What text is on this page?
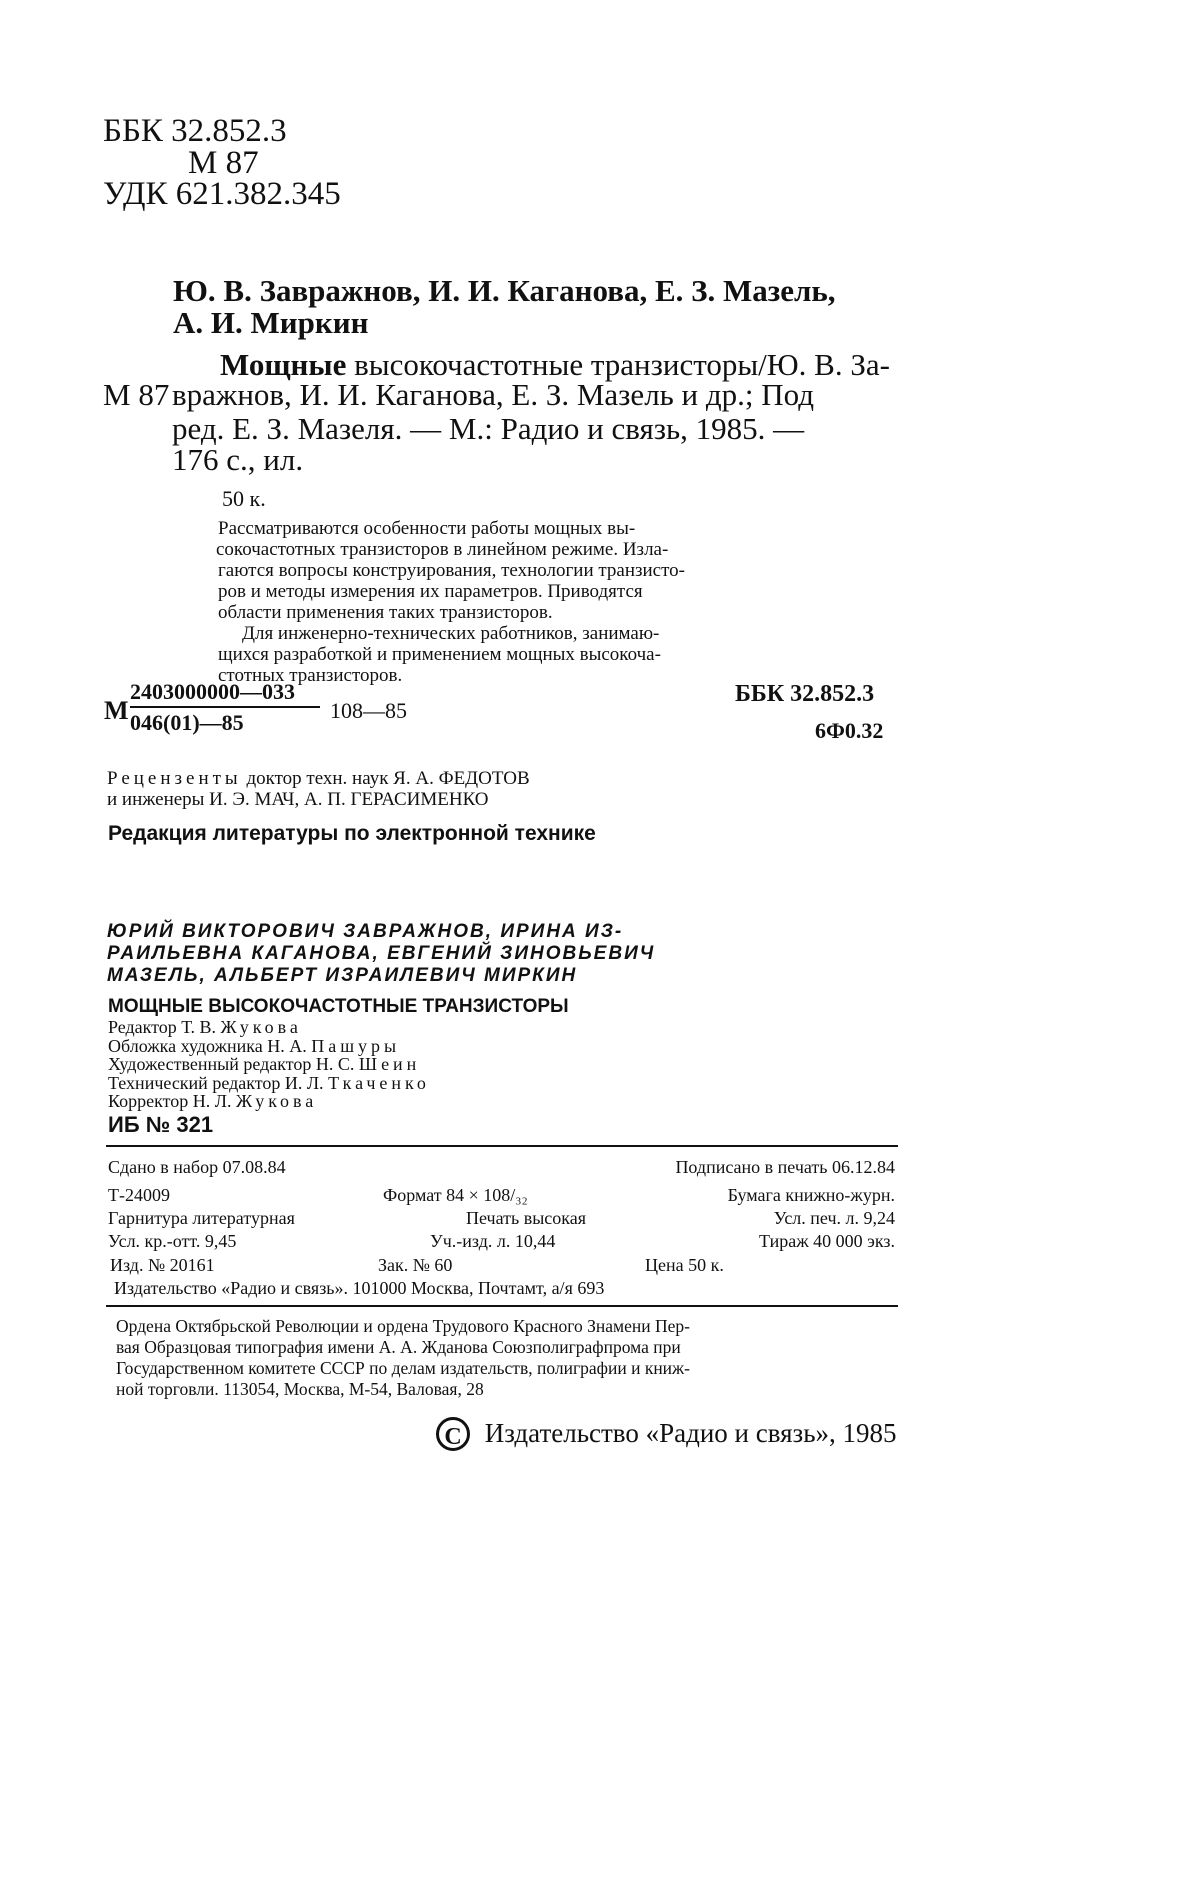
ББК 32.852.3
М 87
УДК 621.382.345
Ю. В. Завражнов, И. И. Каганова, Е. З. Мазель,
А. И. Миркин
Мощные высокочастотные транзисторы/Ю. В. За-
М 87 вражнов, И. И. Каганова, Е. З. Мазель и др.; Под
ред. Е. З. Мазеля. — М.: Радио и связь, 1985. —
176 с., ил.
50 к.
Рассматриваются особенности работы мощных вы-
сокочастотных транзисторов в линейном режиме. Изла-
гаются вопросы конструирования, технологии транзисто-
ров и методы измерения их параметров. Приводятся
области применения таких транзисторов.
Для инженерно-технических работников, занимаю-
щихся разработкой и применением мощных высокоча-
стотных транзисторов.
М
2403000000—033
046(01)—85	108—85
ББК 32.852.3
6Ф0.32
Рецензенты доктор техн. наук Я. А. ФЕДОТОВ
и инженеры И. Э. МАЧ, А. П. ГЕРАСИМЕНКО
Редакция литературы по электронной технике
ЮРИЙ ВИКТОРОВИЧ ЗАВРАЖНОВ, ИРИНА ИЗ-
РАИЛЬЕВНА КАГАНОВА, ЕВГЕНИЙ ЗИНОВЬЕВИЧ
МАЗЕЛЬ, АЛЬБЕРТ ИЗРАИЛЕВИЧ МИРКИН
МОЩНЫЕ ВЫСОКОЧАСТОТНЫЕ ТРАНЗИСТОРЫ
Редактор Т. В. Жукова
Обложка художника Н. А. Пашуры
Художественный редактор Н. С. Шеин
Технический редактор И. Л. Ткаченко
Корректор Н. Л. Жукова
ИБ № 321
Сдано в набор 07.08.84	Подписано в печать 06.12.84
Т-24009	Формат 84 × 108/₃₂	Бумага книжно-журн.
Гарнитура литературная	Печать высокая	Усл. печ. л. 9,24
Усл. кр.-отт. 9,45	Уч.-изд. л. 10,44	Тираж 40 000 экз.
Изд. № 20161	Зак. № 60	Цена 50 к.
Издательство «Радио и связь». 101000 Москва, Почтамт, а/я 693
Ордена Октябрьской Революции и ордена Трудового Красного Знамени Пер-
вая Образцовая типография имени А. А. Жданова Союзполиграфпрома при
Государственном комитете СССР по делам издательств, полиграфии и книж-
ной торговли. 113054, Москва, М-54, Валовая, 28
C Издательство «Радио и связь», 1985
